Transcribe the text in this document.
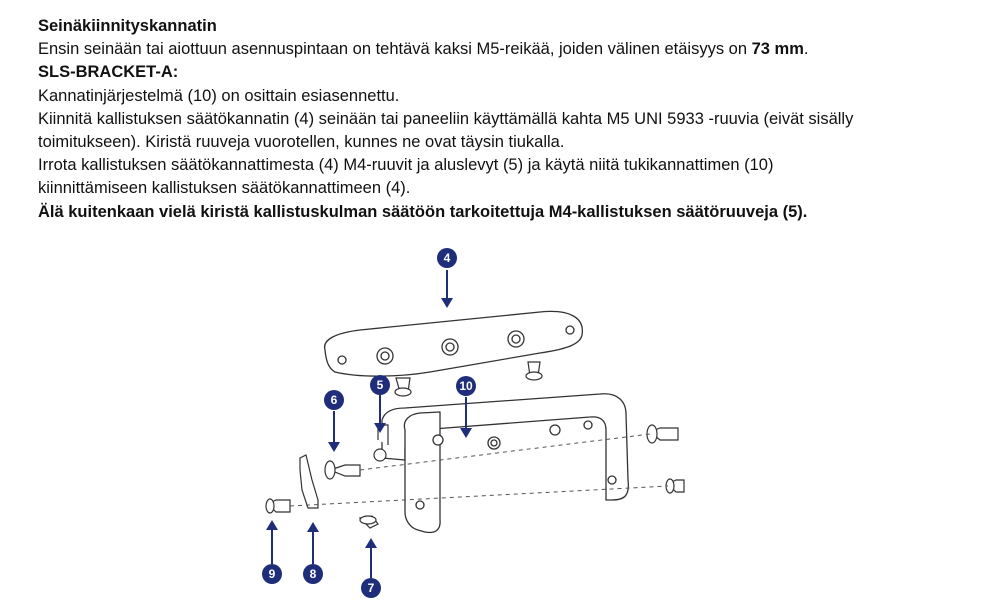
Seinäkiinnityskannatin
Ensin seinään tai aiottuun asennuspintaan on tehtävä kaksi M5-reikää, joiden välinen etäisyys on 73 mm.
SLS-BRACKET-A:
Kannatinjärjestelmä (10) on osittain esiasennettu.
Kiinnitä kallistuksen säätökannatin (4) seinään tai paneeliin käyttämällä kahta M5 UNI 5933 -ruuvia (eivät sisälly
toimitukseen). Kiristä ruuveja vuorotellen, kunnes ne ovat täysin tiukalla.
Irrota kallistuksen säätökannattimesta (4) M4-ruuvit ja aluslevyt (5) ja käytä niitä tukikannattimen (10)
kiinnittämiseen kallistuksen säätökannattimeen (4).
Älä kuitenkaan vielä kiristä kallistuskulman säätöön tarkoitettuja M4-kallistuksen säätöruuveja (5).
4
5	10
6
9	8
7
